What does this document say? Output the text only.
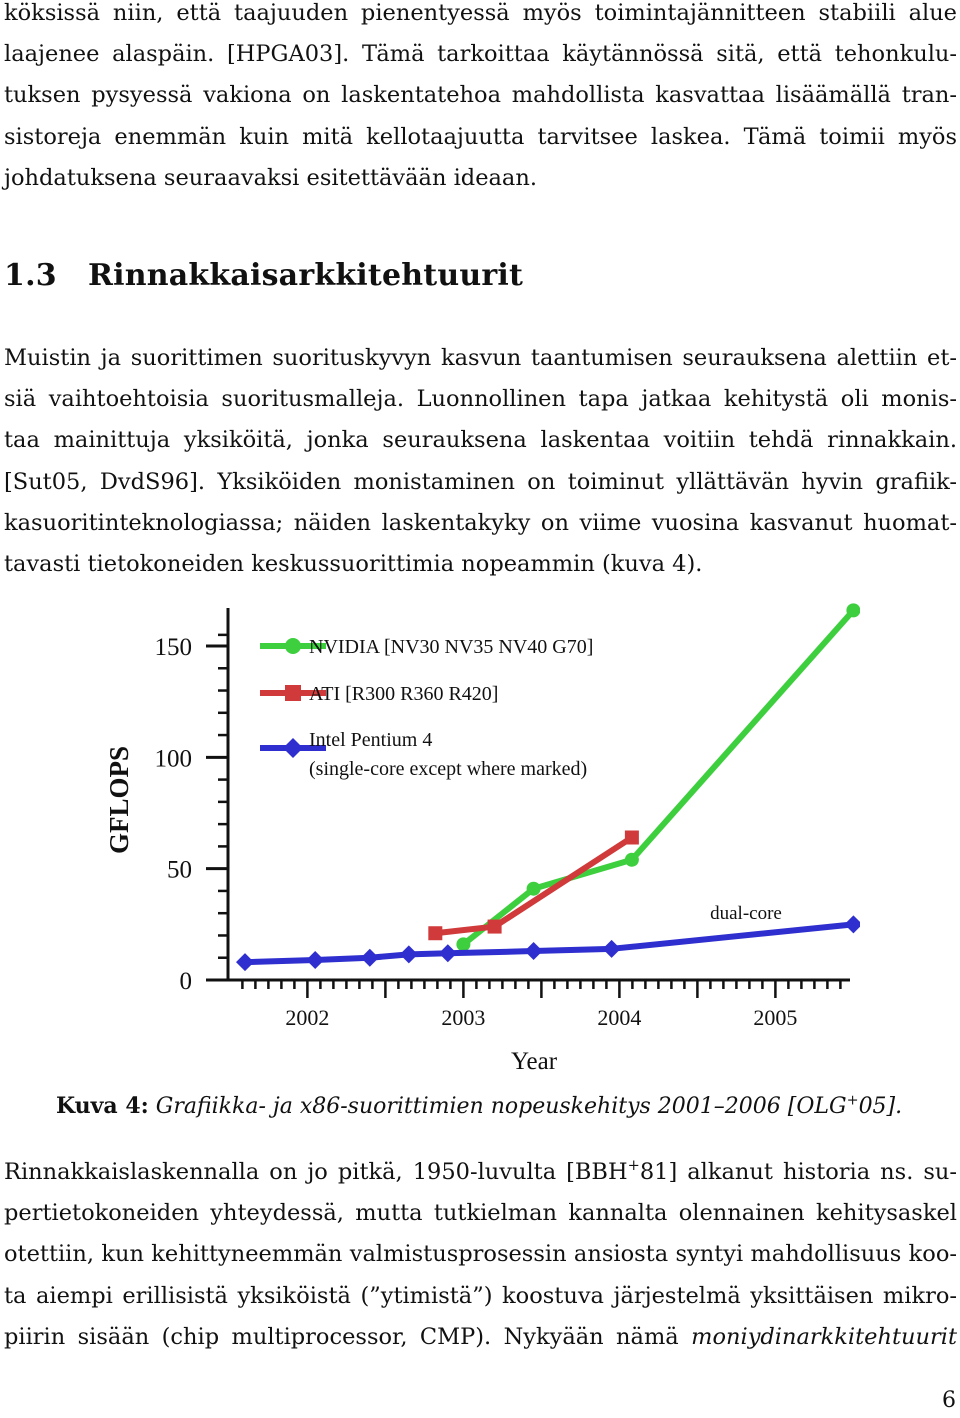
köksissä niin, että taajuuden pienentyessä myös toimintajännitteen stabiili alue
laajenee alaspäin. [HPGA03]. Tämä tarkoittaa käytännössä sitä, että tehonkulu-
tuksen pysyessä vakiona on laskentatehoa mahdollista kasvattaa lisäämällä tran-
sistoreja enemmän kuin mitä kellotaajuutta tarvitsee laskea. Tämä toimii myös
johdatuksena seuraavaksi esitettävään ideaan.
1.3 Rinnakkaisarkkitehtuurit
Muistin ja suorittimen suorituskyvyn kasvun taantumisen seurauksena alettiin et-
siä vaihtoehtoisia suoritusmalleja. Luonnollinen tapa jatkaa kehitystä oli monis-
taa mainittuja yksiköitä, jonka seurauksena laskentaa voitiin tehdä rinnakkain.
[Sut05, DvdS96]. Yksiköiden monistaminen on toiminut yllättävän hyvin grafiik-
kasuoritinteknologiassa; näiden laskentakyky on viime vuosina kasvanut huomat-
tavasti tietokoneiden keskussuorittimia nopeammin (kuva 4).
0
50
100
150
2002	2003	2004	2005
NVIDIA [NV30 NV35 NV40 G70]
ATI [R300 R360 R420]
Intel Pentium 4
(single-core except where marked)
dual-core
Year
GFLOPS
Kuva 4: Grafiikka- ja x86-suorittimien nopeuskehitys 2001–2006 [OLG+05].
Rinnakkaislaskennalla on jo pitkä, 1950-luvulta [BBH+81] alkanut historia ns. su-
pertietokoneiden yhteydessä, mutta tutkielman kannalta olennainen kehitysaskel
otettiin, kun kehittyneemmän valmistusprosessin ansiosta syntyi mahdollisuus koo-
ta aiempi erillisistä yksiköistä (”ytimistä”) koostuva järjestelmä yksittäisen mikro-
piirin sisään (chip multiprocessor, CMP). Nykyään nämä moniydinarkkitehtuurit
6
